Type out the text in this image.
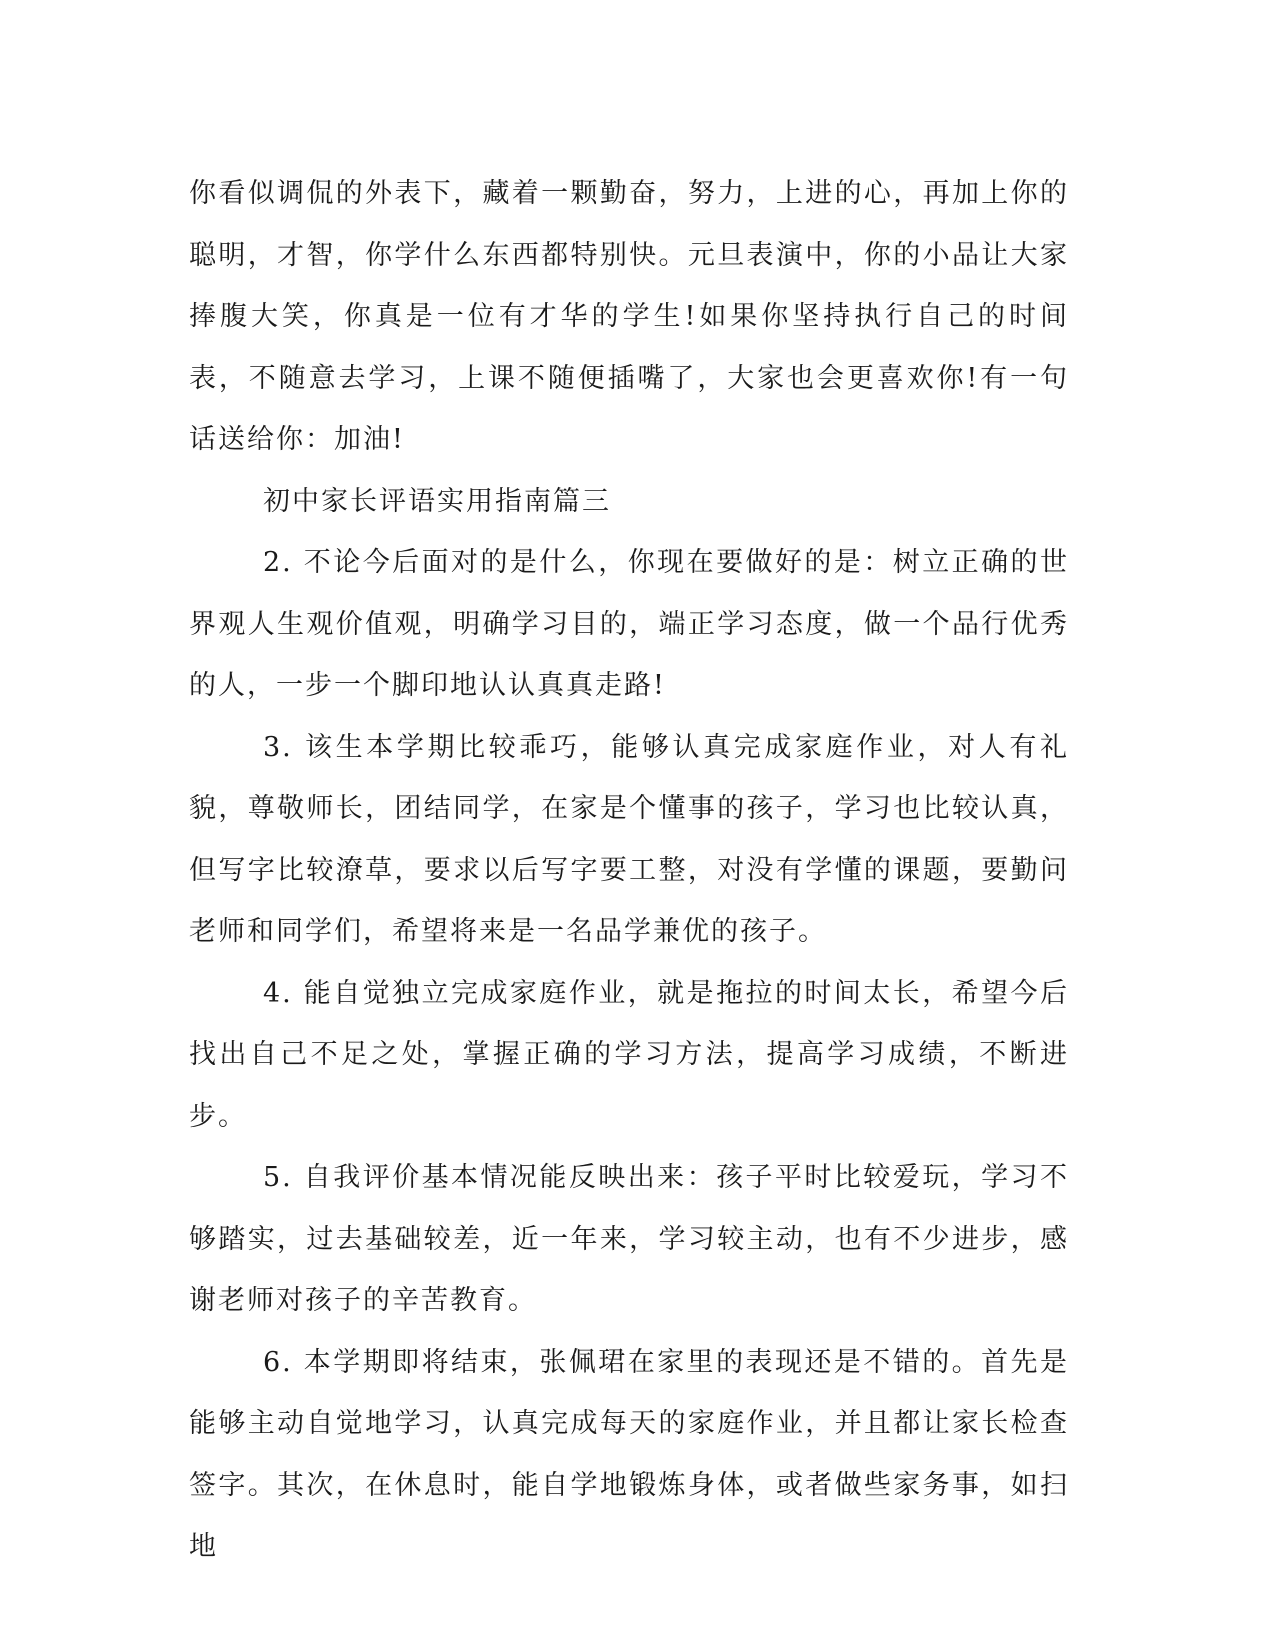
你看似调侃的外表下，藏着一颗勤奋，努力，上进的心，再加上你的聪明，才智，你学什么东西都特别快。元旦表演中，你的小品让大家捧腹大笑，你真是一位有才华的学生!如果你坚持执行自己的时间表，不随意去学习，上课不随便插嘴了，大家也会更喜欢你!有一句话送给你：加油!

初中家长评语实用指南篇三

2. 不论今后面对的是什么，你现在要做好的是：树立正确的世界观人生观价值观，明确学习目的，端正学习态度，做一个品行优秀的人，一步一个脚印地认认真真走路!

3. 该生本学期比较乖巧，能够认真完成家庭作业，对人有礼貌，尊敬师长，团结同学，在家是个懂事的孩子，学习也比较认真，但写字比较潦草，要求以后写字要工整，对没有学懂的课题，要勤问老师和同学们，希望将来是一名品学兼优的孩子。

4. 能自觉独立完成家庭作业，就是拖拉的时间太长，希望今后找出自己不足之处，掌握正确的学习方法，提高学习成绩，不断进步。

5. 自我评价基本情况能反映出来：孩子平时比较爱玩，学习不够踏实，过去基础较差，近一年来，学习较主动，也有不少进步，感谢老师对孩子的辛苦教育。

6. 本学期即将结束，张佩珺在家里的表现还是不错的。首先是能够主动自觉地学习，认真完成每天的家庭作业，并且都让家长检查签字。其次，在休息时，能自学地锻炼身体，或者做些家务事，如扫地
